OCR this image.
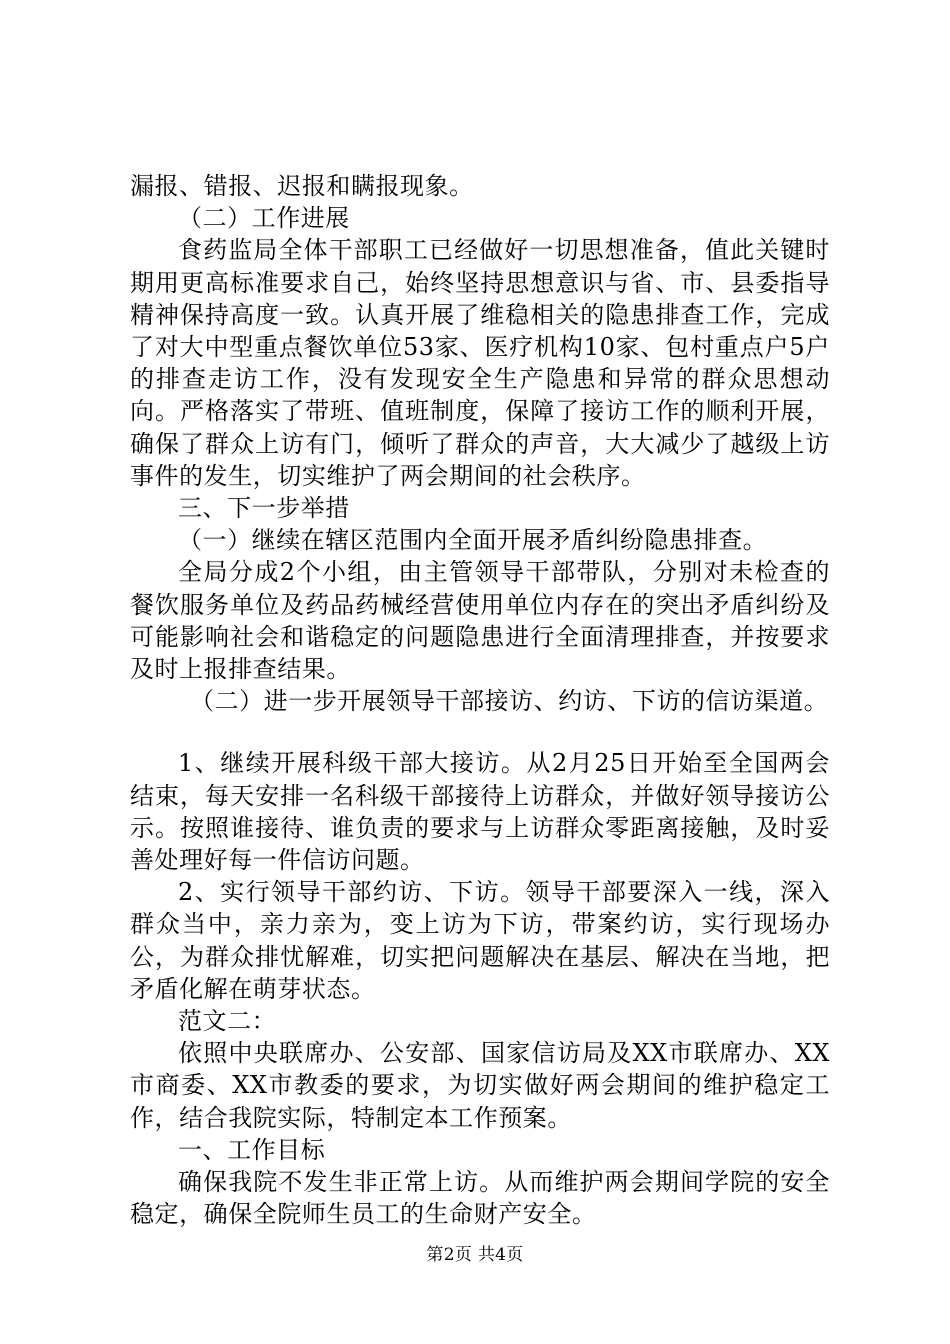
漏报、错报、迟报和瞒报现象。

（二）工作进展

食药监局全体干部职工已经做好一切思想准备，值此关键时期用更高标准要求自己，始终坚持思想意识与省、市、县委指导精神保持高度一致。认真开展了维稳相关的隐患排查工作，完成了对大中型重点餐饮单位53家、医疗机构10家、包村重点户5户的排查走访工作，没有发现安全生产隐患和异常的群众思想动向。严格落实了带班、值班制度，保障了接访工作的顺利开展，确保了群众上访有门，倾听了群众的声音，大大减少了越级上访事件的发生，切实维护了两会期间的社会秩序。

三、下一步举措

（一）继续在辖区范围内全面开展矛盾纠纷隐患排查。

全局分成2个小组，由主管领导干部带队，分别对未检查的餐饮服务单位及药品药械经营使用单位内存在的突出矛盾纠纷及可能影响社会和谐稳定的问题隐患进行全面清理排查，并按要求及时上报排查结果。

（二）进一步开展领导干部接访、约访、下访的信访渠道。

1、继续开展科级干部大接访。从2月25日开始至全国两会结束，每天安排一名科级干部接待上访群众，并做好领导接访公示。按照谁接待、谁负责的要求与上访群众零距离接触，及时妥善处理好每一件信访问题。

2、实行领导干部约访、下访。领导干部要深入一线，深入群众当中，亲力亲为，变上访为下访，带案约访，实行现场办公，为群众排忧解难，切实把问题解决在基层、解决在当地，把矛盾化解在萌芽状态。

范文二：

依照中央联席办、公安部、国家信访局及XX市联席办、XX市商委、XX市教委的要求，为切实做好两会期间的维护稳定工作，结合我院实际，特制定本工作预案。

一、工作目标

确保我院不发生非正常上访。从而维护两会期间学院的安全稳定，确保全院师生员工的生命财产安全。

第2页 共4页
